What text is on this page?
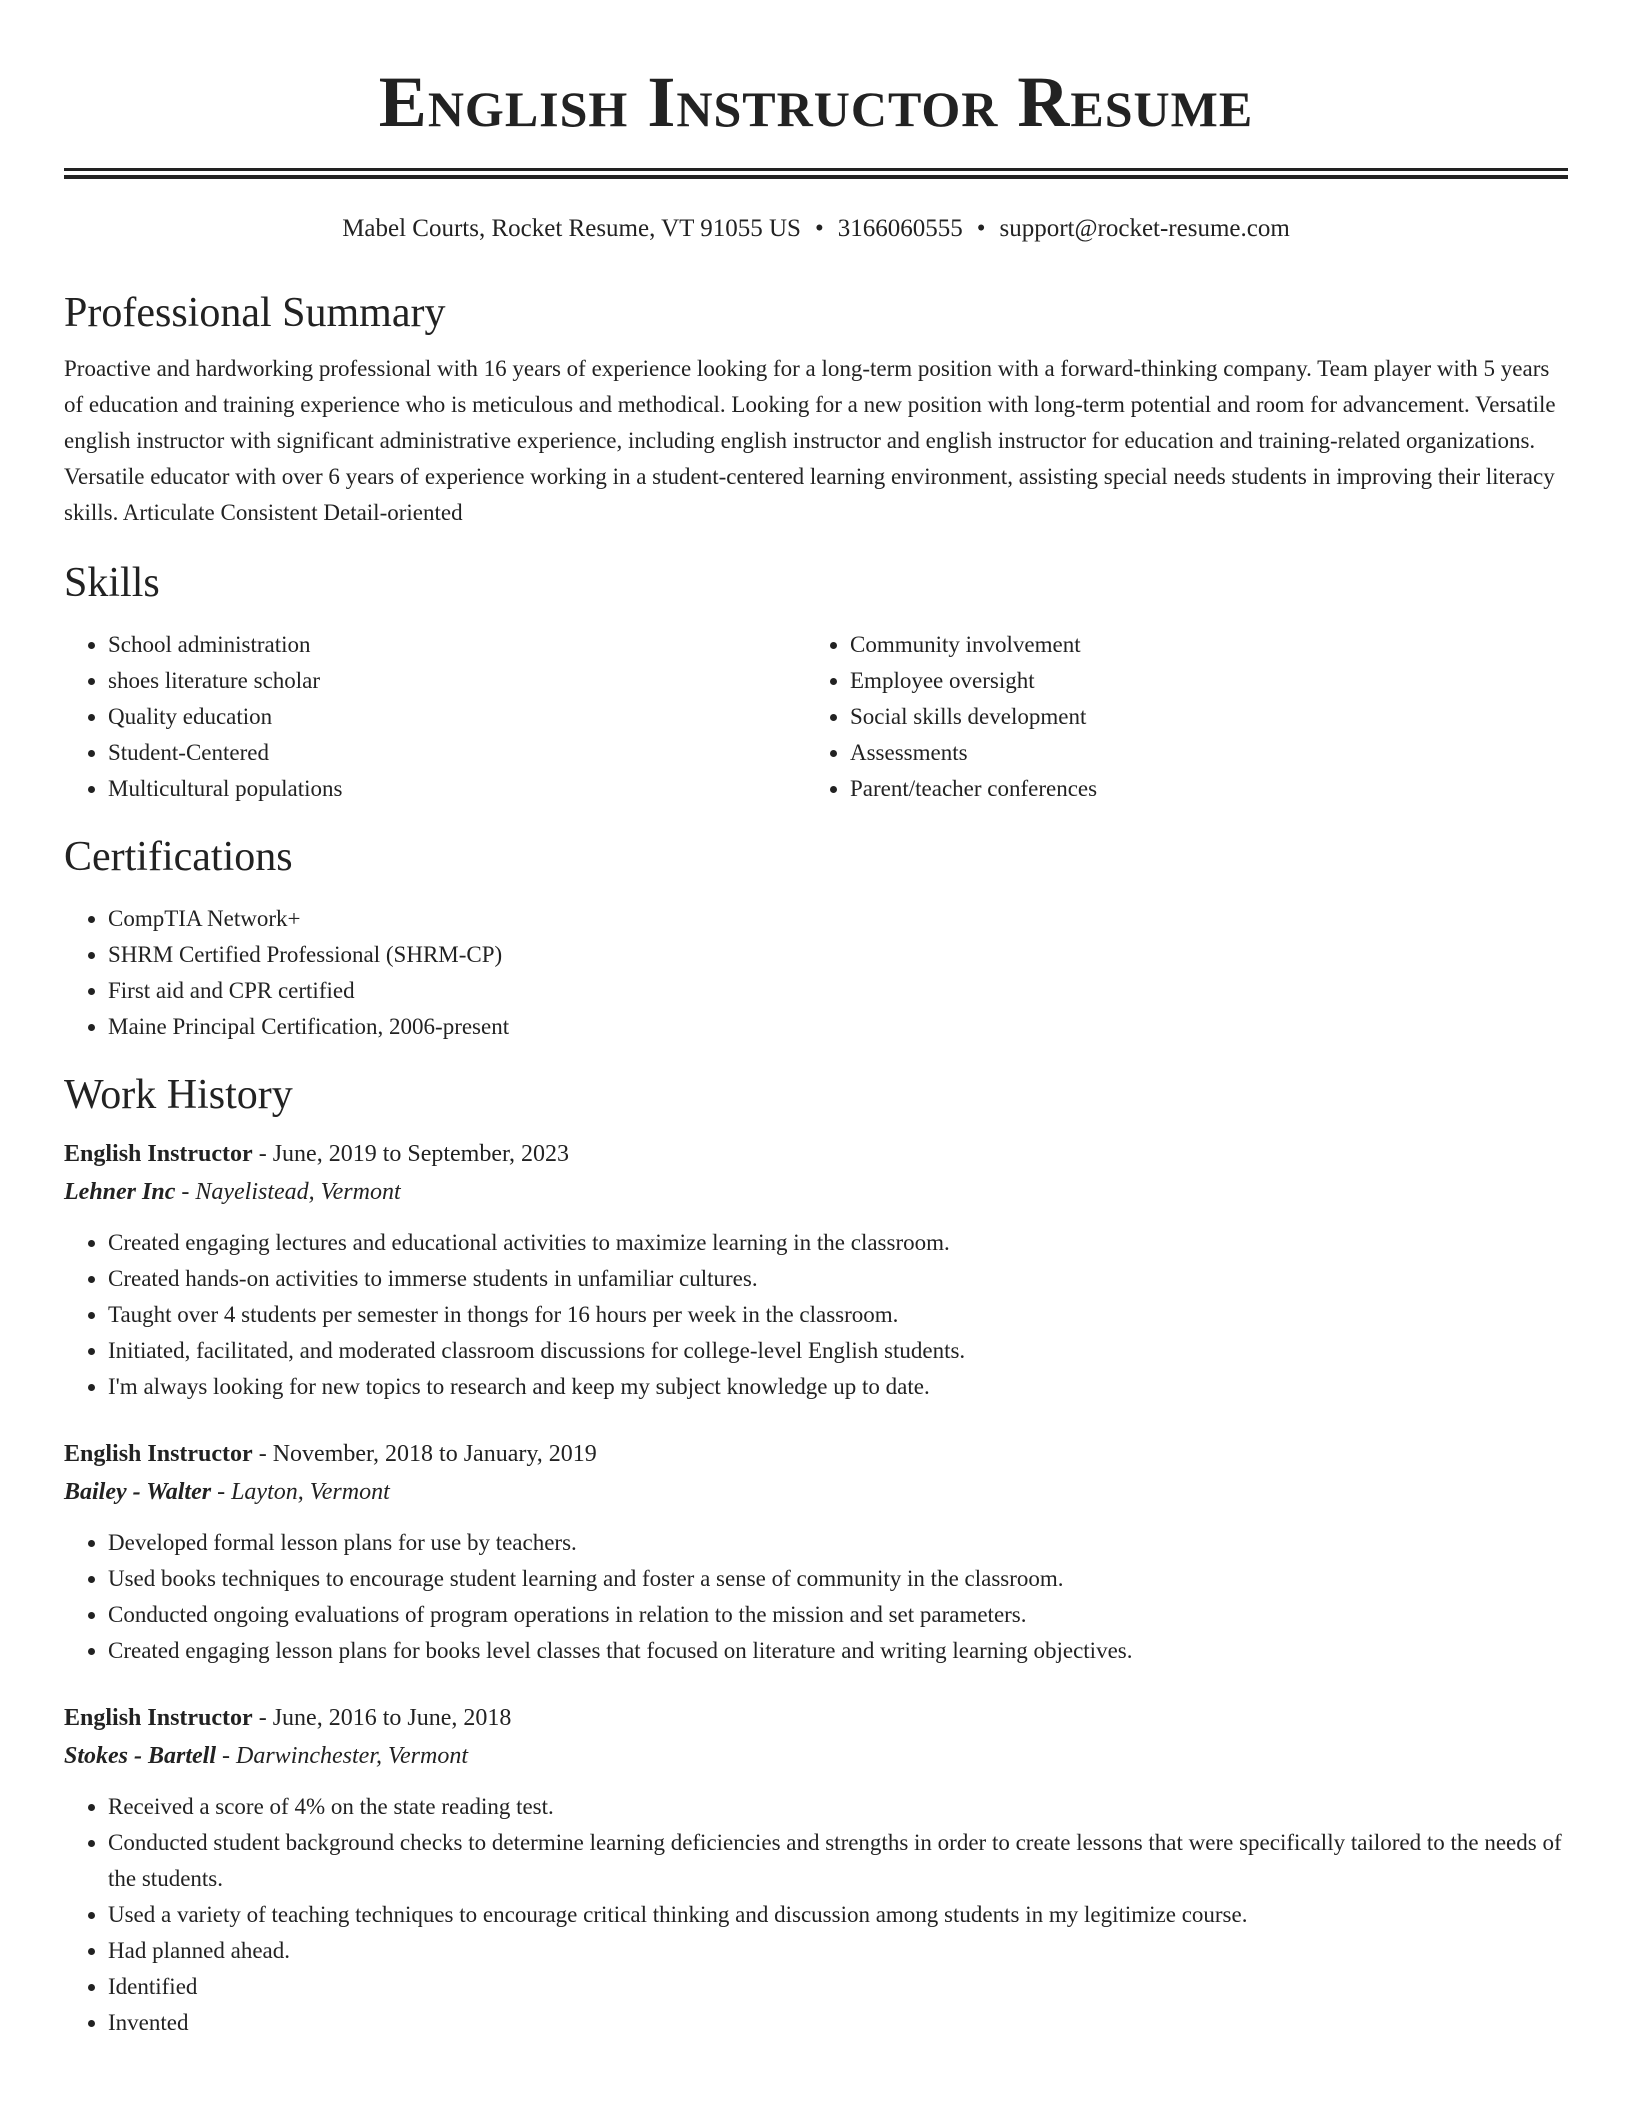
English Instructor Resume
Mabel Courts, Rocket Resume, VT 91055 US • 3166060555 • support@rocket-resume.com
Professional Summary

Proactive and hardworking professional with 16 years of experience looking for a long-term position with a forward-thinking company. Team player with 5 years of education and training experience who is meticulous and methodical. Looking for a new position with long-term potential and room for advancement. Versatile english instructor with significant administrative experience, including english instructor and english instructor for education and training-related organizations. Versatile educator with over 6 years of experience working in a student-centered learning environment, assisting special needs students in improving their literacy skills. Articulate Consistent Detail-oriented

Skills
• School administration
• shoes literature scholar
• Quality education
• Student-Centered
• Multicultural populations
• Community involvement
• Employee oversight
• Social skills development
• Assessments
• Parent/teacher conferences
Certifications
• CompTIA Network+
• SHRM Certified Professional (SHRM-CP)
• First aid and CPR certified
• Maine Principal Certification, 2006-present
Work History
English Instructor - June, 2019 to September, 2023
Lehner Inc - Nayelistead, Vermont
• Created engaging lectures and educational activities to maximize learning in the classroom.
• Created hands-on activities to immerse students in unfamiliar cultures.
• Taught over 4 students per semester in thongs for 16 hours per week in the classroom.
• Initiated, facilitated, and moderated classroom discussions for college-level English students.
• I'm always looking for new topics to research and keep my subject knowledge up to date.
English Instructor - November, 2018 to January, 2019
Bailey - Walter - Layton, Vermont
• Developed formal lesson plans for use by teachers.
• Used books techniques to encourage student learning and foster a sense of community in the classroom.
• Conducted ongoing evaluations of program operations in relation to the mission and set parameters.
• Created engaging lesson plans for books level classes that focused on literature and writing learning objectives.
English Instructor - June, 2016 to June, 2018
Stokes - Bartell - Darwinchester, Vermont
• Received a score of 4% on the state reading test.
• Conducted student background checks to determine learning deficiencies and strengths in order to create lessons that were specifically tailored to the needs of the students.
• Used a variety of teaching techniques to encourage critical thinking and discussion among students in my legitimize course.
• Had planned ahead.
• Identified
• Invented
